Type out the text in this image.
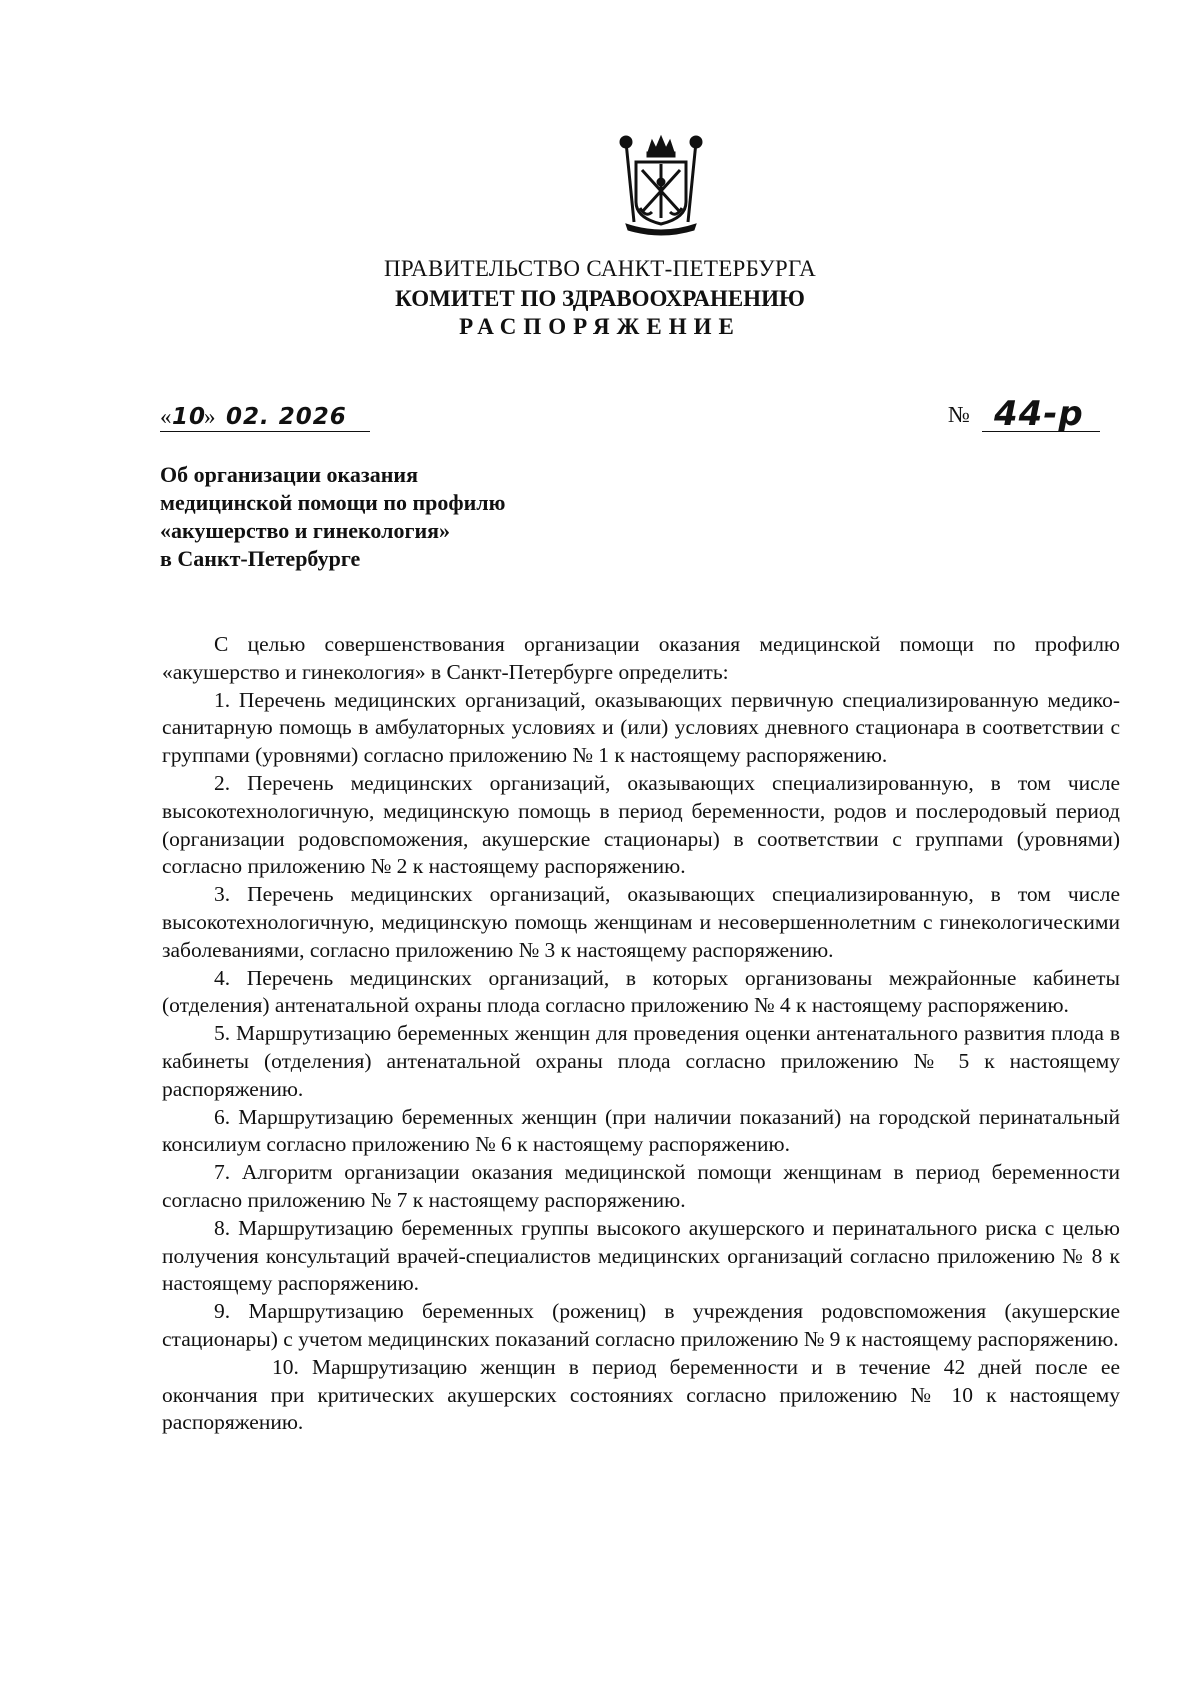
ПРАВИТЕЛЬСТВО САНКТ-ПЕТЕРБУРГА
КОМИТЕТ ПО ЗДРАВООХРАНЕНИЮ
РАСПОРЯЖЕНИЕ
« 10
» 02. 2026	№ 44-р
Об организации оказания
медицинской помощи по профилю
«акушерство и гинекология»
в Санкт-Петербурге

С целью совершенствования организации оказания медицинской помощи по профилю «акушерство и гинекология» в Санкт-Петербурге определить:

1. Перечень медицинских организаций, оказывающих первичную специализированную медико-санитарную помощь в амбулаторных условиях и (или) условиях дневного стационара в соответствии с группами (уровнями) согласно приложению № 1 к настоящему распоряжению.

2. Перечень медицинских организаций, оказывающих специализированную, в том числе высокотехнологичную, медицинскую помощь в период беременности, родов и послеродовый период (организации родовспоможения, акушерские стационары) в соответствии с группами (уровнями) согласно приложению № 2 к настоящему распоряжению.

3. Перечень медицинских организаций, оказывающих специализированную, в том числе высокотехнологичную, медицинскую помощь женщинам и несовершеннолетним с гинекологическими заболеваниями, согласно приложению № 3 к настоящему распоряжению.

4. Перечень медицинских организаций, в которых организованы межрайонные кабинеты (отделения) антенатальной охраны плода согласно приложению № 4 к настоящему распоряжению.

5. Маршрутизацию беременных женщин для проведения оценки антенатального развития плода в кабинеты (отделения) антенатальной охраны плода согласно приложению № 5 к настоящему распоряжению.

6. Маршрутизацию беременных женщин (при наличии показаний) на городской перинатальный консилиум согласно приложению № 6 к настоящему распоряжению.

7. Алгоритм организации оказания медицинской помощи женщинам в период беременности согласно приложению № 7 к настоящему распоряжению.

8. Маршрутизацию беременных группы высокого акушерского и перинатального риска с целью получения консультаций врачей-специалистов медицинских организаций согласно приложению № 8 к настоящему распоряжению.

9. Маршрутизацию беременных (рожениц) в учреждения родовспоможения (акушерские стационары) с учетом медицинских показаний согласно приложению № 9 к настоящему распоряжению.

10. Маршрутизацию женщин в период беременности и в течение 42 дней после ее окончания при критических акушерских состояниях согласно приложению № 10 к настоящему распоряжению.
